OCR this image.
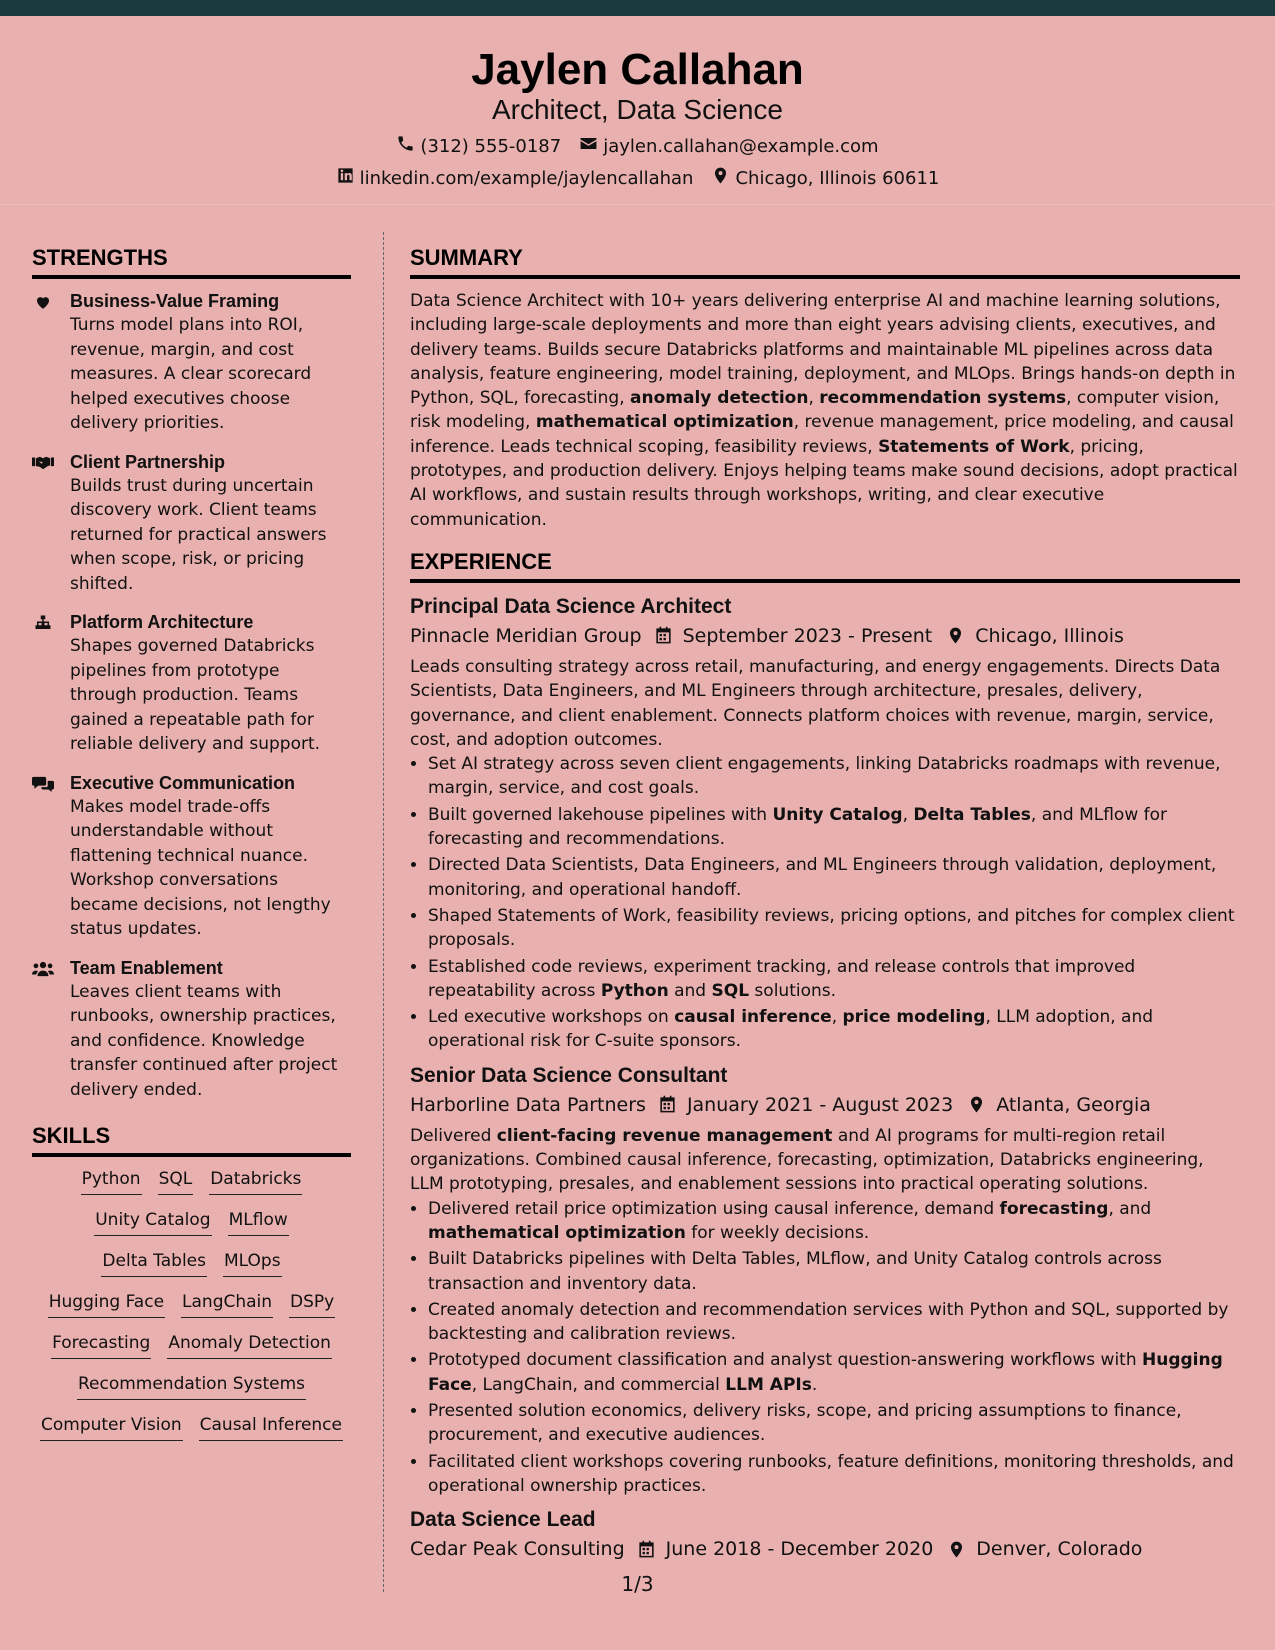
Jaylen Callahan
Architect, Data Science
(312) 555-0187 jaylen.callahan@example.com
linkedin.com/example/jaylencallahan Chicago, Illinois 60611
STRENGTHS
Business-Value Framing
Turns model plans into ROI, revenue, margin, and cost measures. A clear scorecard helped executives choose delivery priorities.
Client Partnership
Builds trust during uncertain discovery work. Client teams returned for practical answers when scope, risk, or pricing shifted.
Platform Architecture
Shapes governed Databricks pipelines from prototype through production. Teams gained a repeatable path for reliable delivery and support.
Executive Communication
Makes model trade-offs understandable without flattening technical nuance. Workshop conversations became decisions, not lengthy status updates.
Team Enablement
Leaves client teams with runbooks, ownership practices, and confidence. Knowledge transfer continued after project delivery ended.
SKILLS
Python SQL Databricks
Unity Catalog MLflow
Delta Tables MLOps
Hugging Face LangChain DSPy
Forecasting Anomaly Detection
Recommendation Systems
Computer Vision Causal Inference
SUMMARY

Data Science Architect with 10+ years delivering enterprise AI and machine learning solutions, including large-scale deployments and more than eight years advising clients, executives, and delivery teams. Builds secure Databricks platforms and maintainable ML pipelines across data analysis, feature engineering, model training, deployment, and MLOps. Brings hands-on depth in Python, SQL, forecasting, anomaly detection, recommendation systems, computer vision, risk modeling, mathematical optimization, revenue management, price modeling, and causal inference. Leads technical scoping, feasibility reviews, Statements of Work, pricing, prototypes, and production delivery. Enjoys helping teams make sound decisions, adopt practical AI workflows, and sustain results through workshops, writing, and clear executive communication.

EXPERIENCE
Principal Data Science Architect
Pinnacle Meridian Group September 2023 - Present Chicago, Illinois

Leads consulting strategy across retail, manufacturing, and energy engagements. Directs Data Scientists, Data Engineers, and ML Engineers through architecture, presales, delivery, governance, and client enablement. Connects platform choices with revenue, margin, service, cost, and adoption outcomes.

• Set AI strategy across seven client engagements, linking Databricks roadmaps with revenue, margin, service, and cost goals.
• Built governed lakehouse pipelines with Unity Catalog, Delta Tables, and MLflow for forecasting and recommendations.
• Directed Data Scientists, Data Engineers, and ML Engineers through validation, deployment, monitoring, and operational handoff.
• Shaped Statements of Work, feasibility reviews, pricing options, and pitches for complex client proposals.
• Established code reviews, experiment tracking, and release controls that improved repeatability across Python and SQL solutions.
• Led executive workshops on causal inference, price modeling, LLM adoption, and operational risk for C-suite sponsors.
Senior Data Science Consultant
Harborline Data Partners January 2021 - August 2023 Atlanta, Georgia

Delivered client-facing revenue management and AI programs for multi-region retail organizations. Combined causal inference, forecasting, optimization, Databricks engineering, LLM prototyping, presales, and enablement sessions into practical operating solutions.

• Delivered retail price optimization using causal inference, demand forecasting, and mathematical optimization for weekly decisions.
• Built Databricks pipelines with Delta Tables, MLflow, and Unity Catalog controls across transaction and inventory data.
• Created anomaly detection and recommendation services with Python and SQL, supported by backtesting and calibration reviews.
• Prototyped document classification and analyst question-answering workflows with Hugging Face, LangChain, and commercial LLM APIs.
• Presented solution economics, delivery risks, scope, and pricing assumptions to finance, procurement, and executive audiences.
• Facilitated client workshops covering runbooks, feature definitions, monitoring thresholds, and operational ownership practices.
Data Science Lead
Cedar Peak Consulting June 2018 - December 2020 Denver, Colorado
1/3
